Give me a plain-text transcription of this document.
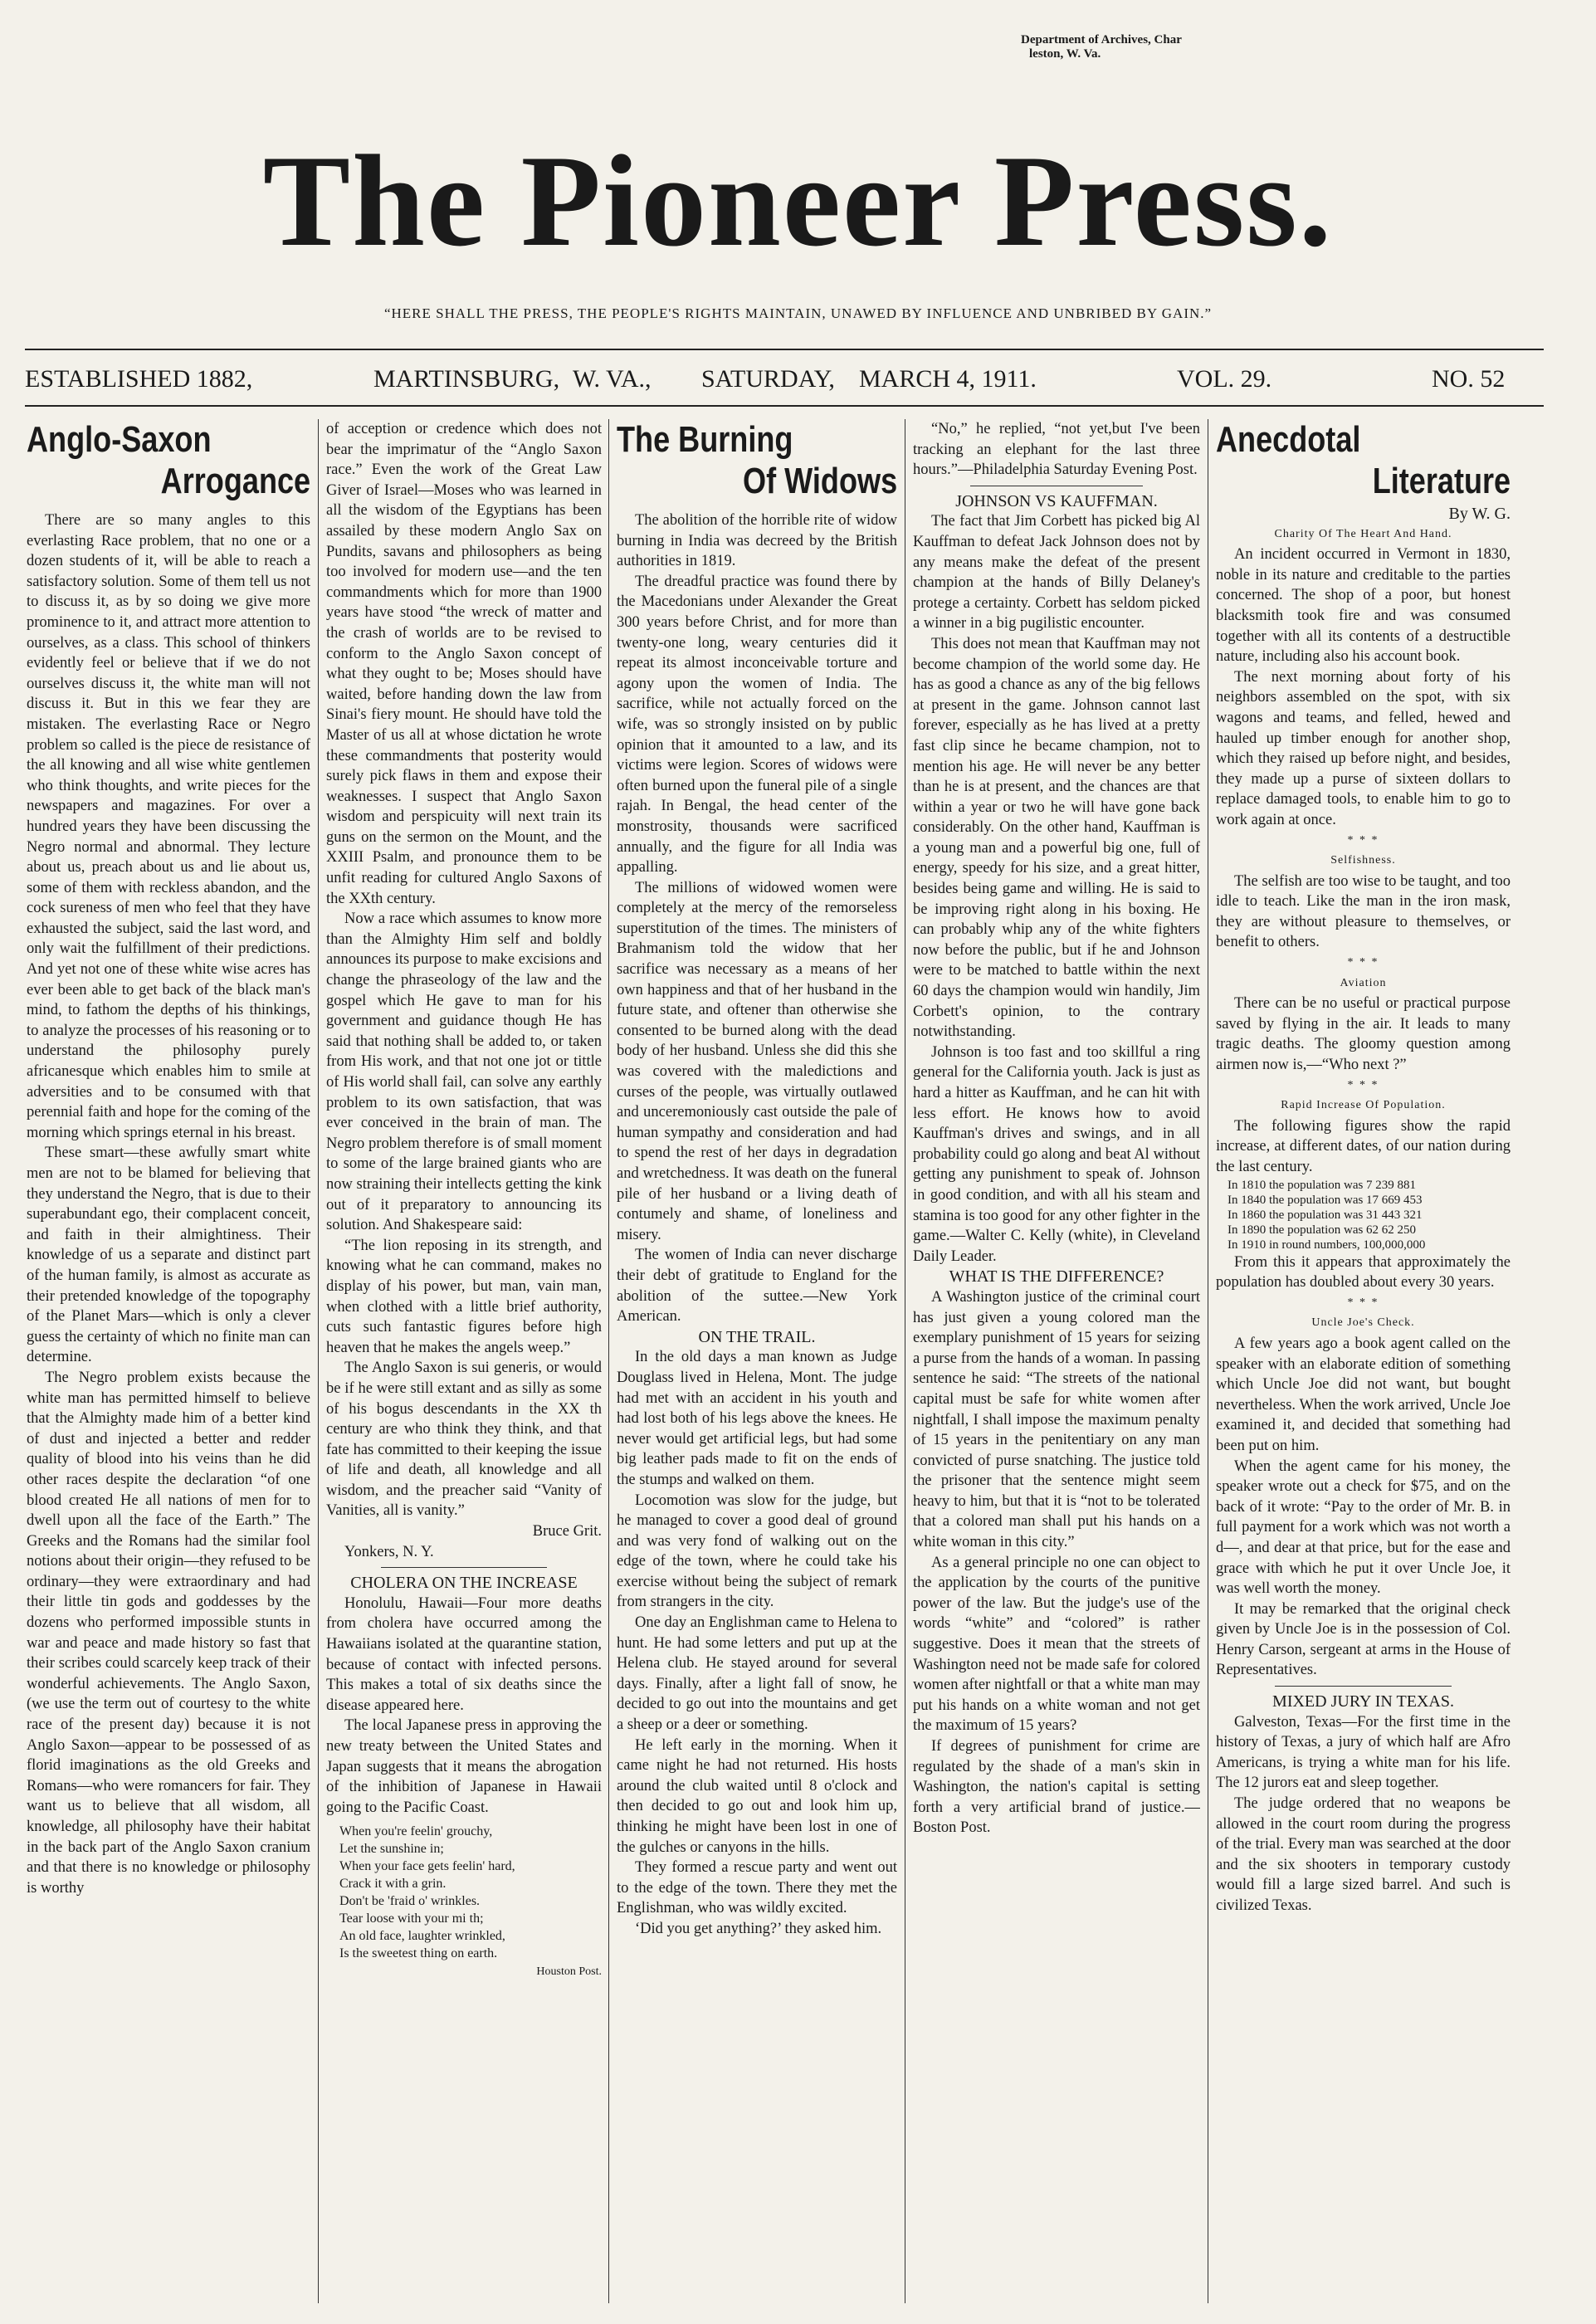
Department of Archives, Char
leston, W. Va.
The Pioneer Press.
“HERE SHALL THE PRESS, THE PEOPLE'S RIGHTS MAINTAIN, UNAWED BY INFLUENCE AND UNBRIBED BY GAIN.”
ESTABLISHED 1882,	MARTINSBURG, W. VA., SATURDAY, MARCH 4, 1911.	VOL. 29.	NO. 52
Anglo-Saxon
Arrogance

There are so many angles to this everlasting Race problem, that no one or a dozen students of it, will be able to reach a satisfactory solution. Some of them tell us not to discuss it, as by so doing we give more prominence to it, and attract more attention to ourselves, as a class. This school of thinkers evidently feel or believe that if we do not ourselves discuss it, the white man will not discuss it. But in this we fear they are mistaken. The everlasting Race or Negro problem so called is the piece de resistance of the all knowing and all wise white gentlemen who think thoughts, and write pieces for the newspapers and magazines. For over a hundred years they have been discussing the Negro normal and abnormal. They lecture about us, preach about us and lie about us, some of them with reckless abandon, and the cock sureness of men who feel that they have exhausted the subject, said the last word, and only wait the fulfillment of their predictions. And yet not one of these white wise acres has ever been able to get back of the black man's mind, to fathom the depths of his thinkings, to analyze the processes of his reasoning or to understand the philosophy purely africanesque which enables him to smile at adversities and to be consumed with that perennial faith and hope for the coming of the morning which springs eternal in his breast.

These smart—these awfully smart white men are not to be blamed for believing that they understand the Negro, that is due to their superabundant ego, their complacent conceit, and faith in their almightiness. Their knowledge of us a separate and distinct part of the human family, is almost as accurate as their pretended knowledge of the topography of the Planet Mars—which is only a clever guess the certainty of which no finite man can determine.

The Negro problem exists because the white man has permitted himself to believe that the Almighty made him of a better kind of dust and injected a better and redder quality of blood into his veins than he did other races despite the declaration “of one blood created He all nations of men for to dwell upon all the face of the Earth.” The Greeks and the Romans had the similar fool notions about their origin—they refused to be ordinary—they were extraordinary and had their little tin gods and goddesses by the dozens who performed impossible stunts in war and peace and made history so fast that their scribes could scarcely keep track of their wonderful achievements. The Anglo Saxon, (we use the term out of courtesy to the white race of the present day) because it is not Anglo Saxon—appear to be possessed of as florid imaginations as the old Greeks and Romans—who were romancers for fair. They want us to believe that all wisdom, all knowledge, all philosophy have their habitat in the back part of the Anglo Saxon cranium and that there is no knowledge or philosophy is worthy

of acception or credence which does not bear the imprimatur of the “Anglo Saxon race.” Even the work of the Great Law Giver of Israel—Moses who was learned in all the wisdom of the Egyptians has been assailed by these modern Anglo Sax on Pundits, savans and philosophers as being too involved for modern use—and the ten commandments which for more than 1900 years have stood “the wreck of matter and the crash of worlds are to be revised to conform to the Anglo Saxon concept of what they ought to be; Moses should have waited, before handing down the law from Sinai's fiery mount. He should have told the Master of us all at whose dictation he wrote these commandments that posterity would surely pick flaws in them and expose their weaknesses. I suspect that Anglo Saxon wisdom and perspicuity will next train its guns on the sermon on the Mount, and the XXIII Psalm, and pronounce them to be unfit reading for cultured Anglo Saxons of the XXth century.

Now a race which assumes to know more than the Almighty Him self and boldly announces its purpose to make excisions and change the phraseology of the law and the gospel which He gave to man for his government and guidance though He has said that nothing shall be added to, or taken from His work, and that not one jot or tittle of His world shall fail, can solve any earthly problem to its own satisfaction, that was ever conceived in the brain of man. The Negro problem therefore is of small moment to some of the large brained giants who are now straining their intellects getting the kink out of it preparatory to announcing its solution. And Shakespeare said:

“The lion reposing in its strength, and knowing what he can command, makes no display of his power, but man, vain man, when clothed with a little brief authority, cuts such fantastic figures before high heaven that he makes the angels weep.”

The Anglo Saxon is sui generis, or would be if he were still extant and as silly as some of his bogus descendants in the XX th century are who think they think, and that fate has committed to their keeping the issue of life and death, all knowledge and all wisdom, and the preacher said “Vanity of Vanities, all is vanity.”

Bruce Grit.

Yonkers, N. Y.

CHOLERA ON THE INCREASE

Honolulu, Hawaii—Four more deaths from cholera have occurred among the Hawaiians isolated at the quarantine station, because of contact with infected persons. This makes a total of six deaths since the disease appeared here.

The local Japanese press in approving the new treaty between the United States and Japan suggests that it means the abrogation of the inhibition of Japanese in Hawaii going to the Pacific Coast.

When you're feelin' grouchy,

Let the sunshine in;

When your face gets feelin' hard,

Crack it with a grin.

Don't be 'fraid o' wrinkles.

Tear loose with your mi th;

An old face, laughter wrinkled,

Is the sweetest thing on earth.

Houston Post.

The Burning
Of Widows

The abolition of the horrible rite of widow burning in India was decreed by the British authorities in 1819.

The dreadful practice was found there by the Macedonians under Alexander the Great 300 years before Christ, and for more than twenty-one long, weary centuries did it repeat its almost inconceivable torture and agony upon the women of India. The sacrifice, while not actually forced on the wife, was so strongly insisted on by public opinion that it amounted to a law, and its victims were legion. Scores of widows were often burned upon the funeral pile of a single rajah. In Bengal, the head center of the monstrosity, thousands were sacrificed annually, and the figure for all India was appalling.

The millions of widowed women were completely at the mercy of the remorseless superstitution of the times. The ministers of Brahmanism told the widow that her sacrifice was necessary as a means of her own happiness and that of her husband in the future state, and oftener than otherwise she consented to be burned along with the dead body of her husband. Unless she did this she was covered with the maledictions and curses of the people, was virtually outlawed and unceremoniously cast outside the pale of human sympathy and consideration and had to spend the rest of her days in degradation and wretchedness. It was death on the funeral pile of her husband or a living death of contumely and shame, of loneliness and misery.

The women of India can never discharge their debt of gratitude to England for the abolition of the suttee.—New York American.

ON THE TRAIL.

In the old days a man known as Judge Douglass lived in Helena, Mont. The judge had met with an accident in his youth and had lost both of his legs above the knees. He never would get artificial legs, but had some big leather pads made to fit on the ends of the stumps and walked on them.

Locomotion was slow for the judge, but he managed to cover a good deal of ground and was very fond of walking out on the edge of the town, where he could take his exercise without being the subject of remark from strangers in the city.

One day an Englishman came to Helena to hunt. He had some letters and put up at the Helena club. He stayed around for several days. Finally, after a light fall of snow, he decided to go out into the mountains and get a sheep or a deer or something.

He left early in the morning. When it came night he had not returned. His hosts around the club waited until 8 o'clock and then decided to go out and look him up, thinking he might have been lost in one of the gulches or canyons in the hills.

They formed a rescue party and went out to the edge of the town. There they met the Englishman, who was wildly excited.

‘Did you get anything?’ they asked him.

“No,” he replied, “not yet,but I've been tracking an elephant for the last three hours.”—Philadelphia Saturday Evening Post.

JOHNSON VS KAUFFMAN.

The fact that Jim Corbett has picked big Al Kauffman to defeat Jack Johnson does not by any means make the defeat of the present champion at the hands of Billy Delaney's protege a certainty. Corbett has seldom picked a winner in a big pugilistic encounter.

This does not mean that Kauffman may not become champion of the world some day. He has as good a chance as any of the big fellows at present in the game. Johnson cannot last forever, especially as he has lived at a pretty fast clip since he became champion, not to mention his age. He will never be any better than he is at present, and the chances are that within a year or two he will have gone back considerably. On the other hand, Kauffman is a young man and a powerful big one, full of energy, speedy for his size, and a great hitter, besides being game and willing. He is said to be improving right along in his boxing. He can probably whip any of the white fighters now before the public, but if he and Johnson were to be matched to battle within the next 60 days the champion would win handily, Jim Corbett's opinion, to the contrary notwithstanding.

Johnson is too fast and too skillful a ring general for the California youth. Jack is just as hard a hitter as Kauffman, and he can hit with less effort. He knows how to avoid Kauffman's drives and swings, and in all probability could go along and beat Al without getting any punishment to speak of. Johnson in good condition, and with all his steam and stamina is too good for any other fighter in the game.—Walter C. Kelly (white), in Cleveland Daily Leader.

WHAT IS THE DIFFERENCE?

A Washington justice of the criminal court has just given a young colored man the exemplary punishment of 15 years for seizing a purse from the hands of a woman. In passing sentence he said: “The streets of the national capital must be safe for white women after nightfall, I shall impose the maximum penalty of 15 years in the penitentiary on any man convicted of purse snatching. The justice told the prisoner that the sentence might seem heavy to him, but that it is “not to be tolerated that a colored man shall put his hands on a white woman in this city.”

As a general principle no one can object to the application by the courts of the punitive power of the law. But the judge's use of the words “white” and “colored” is rather suggestive. Does it mean that the streets of Washington need not be made safe for colored women after nightfall or that a white man may put his hands on a white woman and not get the maximum of 15 years?

If degrees of punishment for crime are regulated by the shade of a man's skin in Washington, the nation's capital is setting forth a very artificial brand of justice.—Boston Post.

Anecdotal
Literature

By W. G.

Charity Of The Heart And Hand.

An incident occurred in Vermont in 1830, noble in its nature and creditable to the parties concerned. The shop of a poor, but honest blacksmith took fire and was consumed together with all its contents of a destructible nature, including also his account book.

The next morning about forty of his neighbors assembled on the spot, with six wagons and teams, and felled, hewed and hauled up timber enough for another shop, which they raised up before night, and besides, they made up a purse of sixteen dollars to replace damaged tools, to enable him to go to work again at once.

* * *

Selfishness.

The selfish are too wise to be taught, and too idle to teach. Like the man in the iron mask, they are without pleasure to themselves, or benefit to others.

* * *

Aviation

There can be no useful or practical purpose saved by flying in the air. It leads to many tragic deaths. The gloomy question among airmen now is,—“Who next ?”

* * *

Rapid Increase Of Population.

The following figures show the rapid increase, at different dates, of our nation during the last century.

In 1810 the population was 7 239 881

In 1840 the population was 17 669 453

In 1860 the population was 31 443 321

In 1890 the population was 62 62 250

In 1910 in round numbers, 100,000,000

From this it appears that approximately the population has doubled about every 30 years.

* * *

Uncle Joe's Check.

A few years ago a book agent called on the speaker with an elaborate edition of something which Uncle Joe did not want, but bought nevertheless. When the work arrived, Uncle Joe examined it, and decided that something had been put on him.

When the agent came for his money, the speaker wrote out a check for $75, and on the back of it wrote: “Pay to the order of Mr. B. in full payment for a work which was not worth a d—, and dear at that price, but for the ease and grace with which he put it over Uncle Joe, it was well worth the money.

It may be remarked that the original check given by Uncle Joe is in the possession of Col. Henry Carson, sergeant at arms in the House of Representatives.

MIXED JURY IN TEXAS.

Galveston, Texas—For the first time in the history of Texas, a jury of which half are Afro Americans, is trying a white man for his life. The 12 jurors eat and sleep together.

The judge ordered that no weapons be allowed in the court room during the progress of the trial. Every man was searched at the door and the six shooters in temporary custody would fill a large sized barrel. And such is civilized Texas.
